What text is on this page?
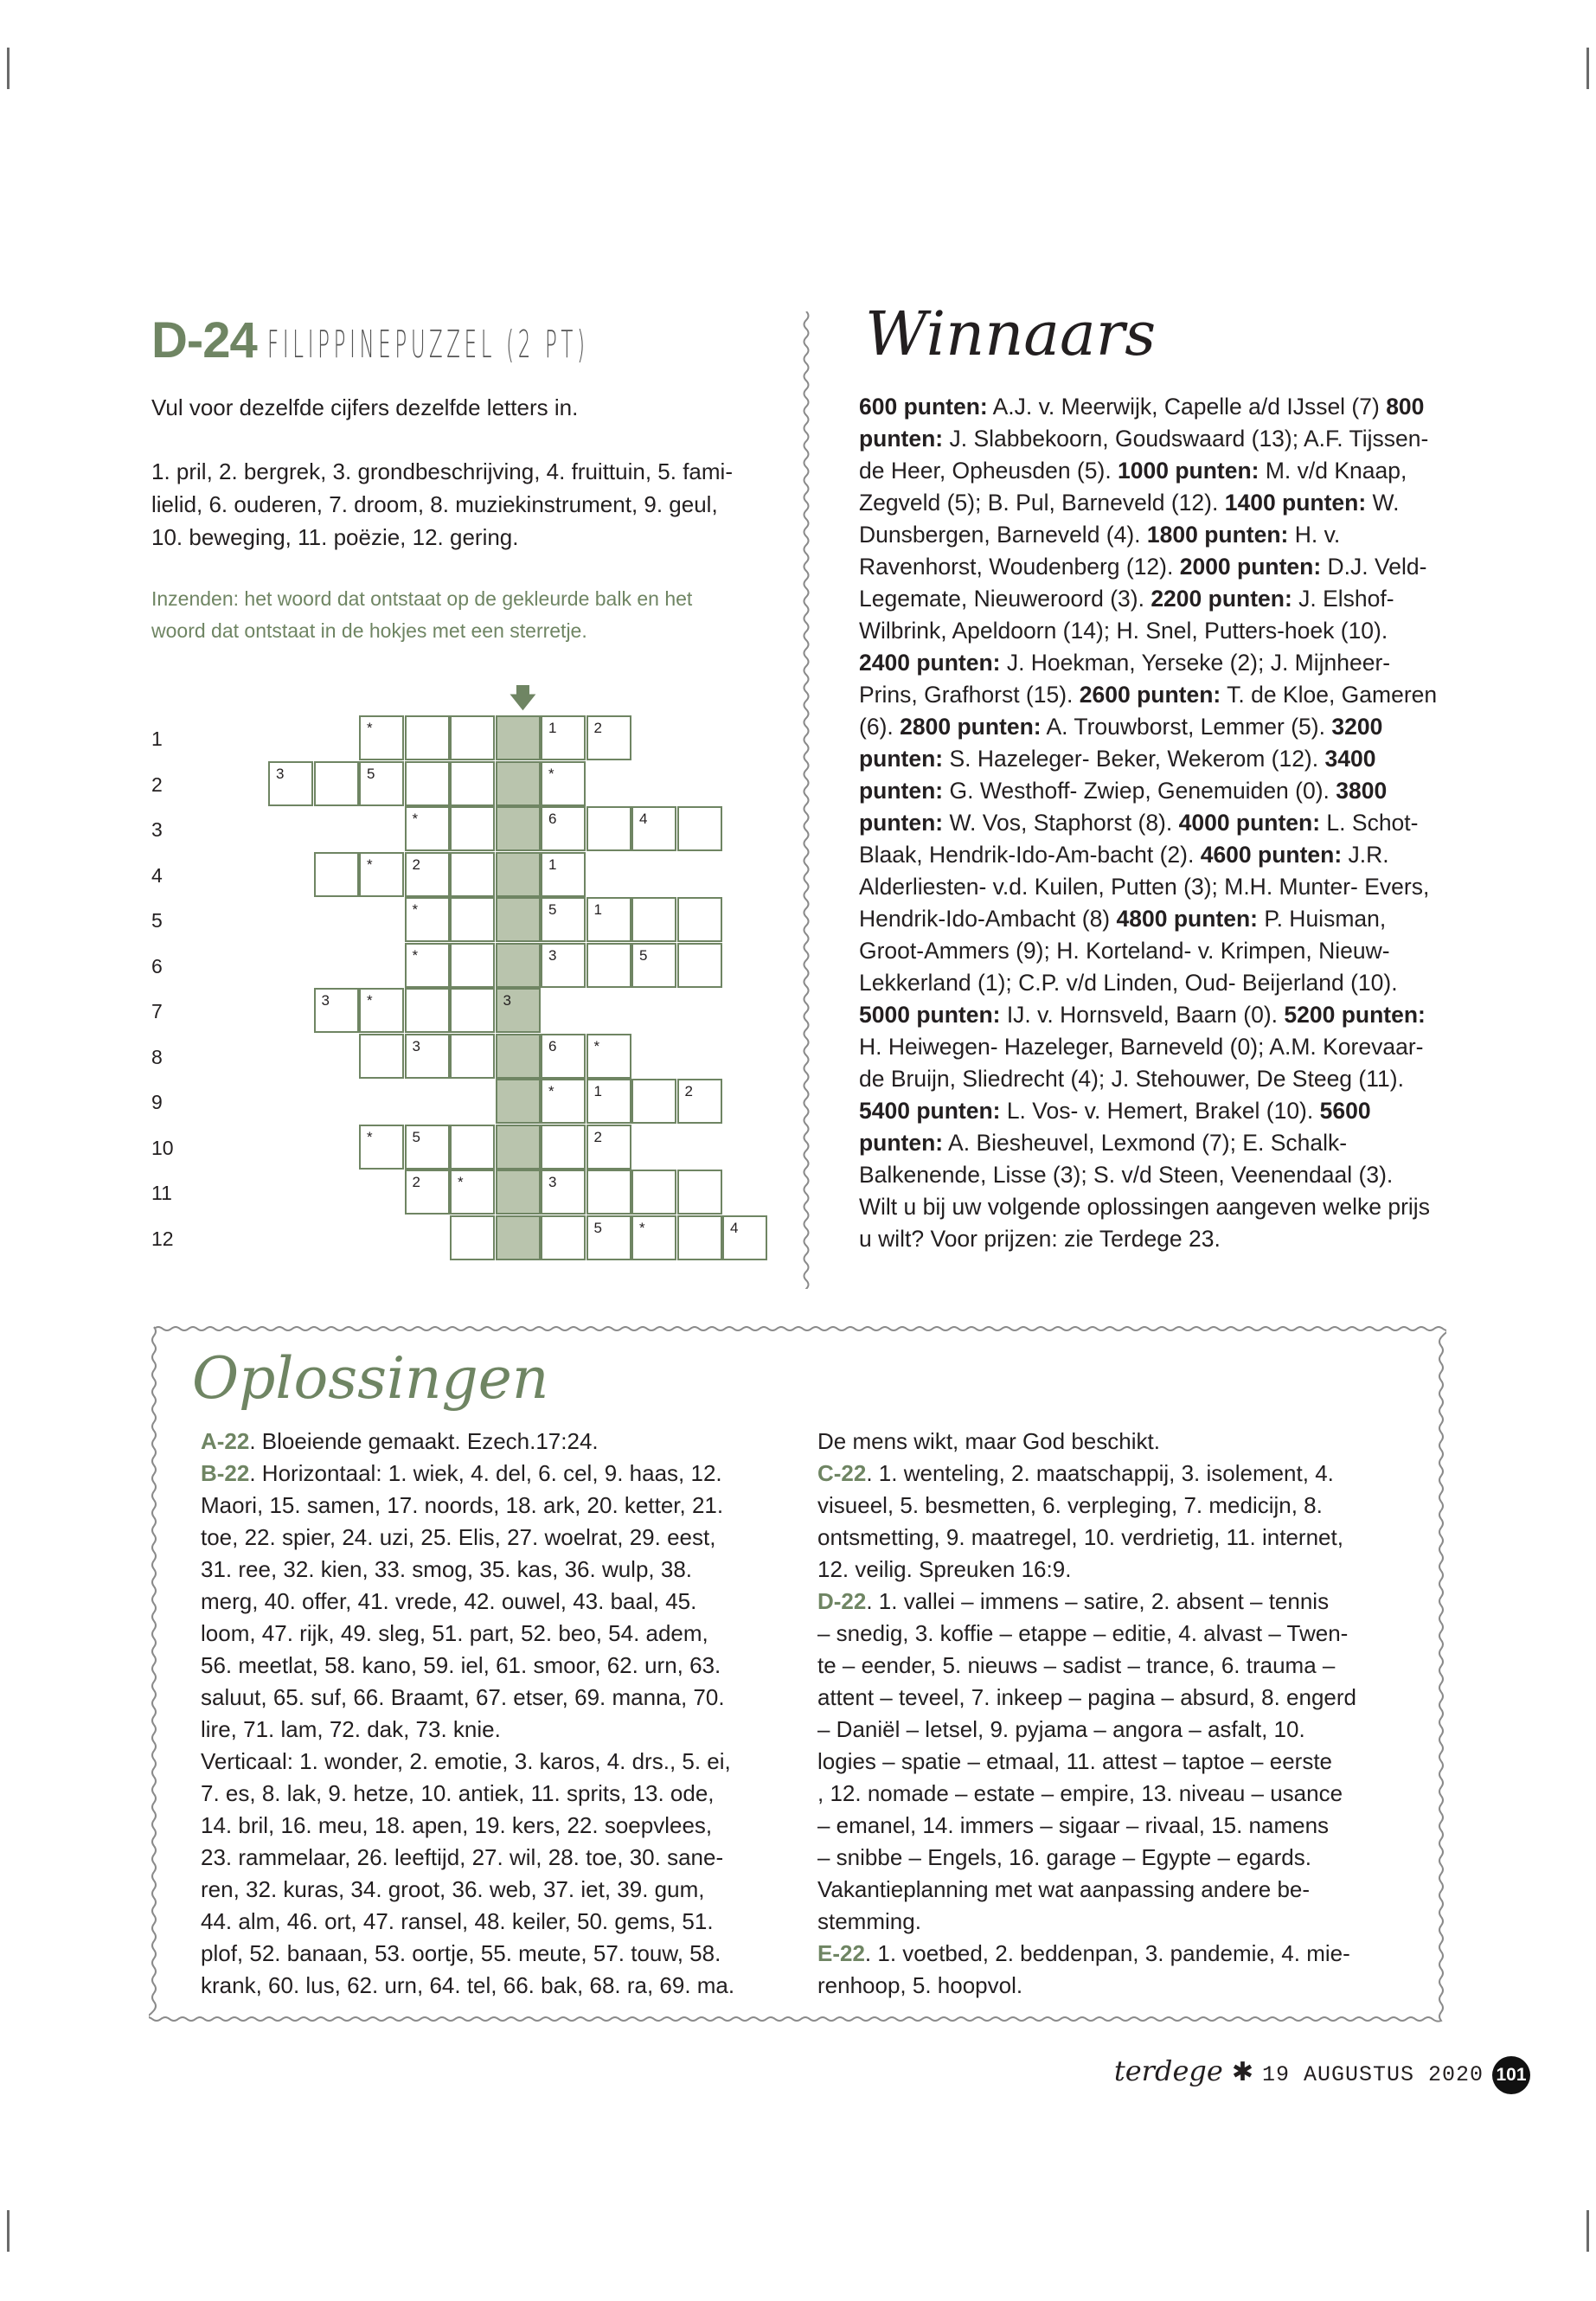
D-24 FILIPPINEPUZZEL (2 PT)
Vul voor dezelfde cijfers dezelfde letters in.
1. pril, 2. bergrek, 3. grondbeschrijving, 4. fruittuin, 5. fami-
lielid, 6. ouderen, 7. droom, 8. muziekinstrument, 9. geul,
10. beweging, 11. poëzie, 12. gering.
Inzenden: het woord dat ontstaat op de gekleurde balk en het
woord dat ontstaat in de hokjes met een sterretje.
🡇
1
2
3
4
5
6
7
8
9
10
11
12
*	1	2
3	5	*
*	6	4
*	2	1
*	5	1
*	3	5
3	*	3
3	6	*
*	1	2
*	5	2
2	*	3
5	*	4
Winnaars
600 punten: A.J. v. Meerwijk, Capelle a/d IJssel (7) 800 punten: J. Slabbekoorn, Goudswaard (13); A.F. Tijssen- de Heer, Opheusden (5). 1000 punten: M. v/d Knaap, Zegveld (5); B. Pul, Barneveld (12). 1400 punten: W. Dunsbergen, Barneveld (4). 1800 punten: H. v. Ravenhorst, Woudenberg (12). 2000 punten: D.J. Veld- Legemate, Nieuweroord (3). 2200 punten: J. Elshof- Wilbrink, Apeldoorn (14); H. Snel, Putters-hoek (10). 2400 punten: J. Hoekman, Yerseke (2); J. Mijnheer- Prins, Grafhorst (15). 2600 punten: T. de Kloe, Gameren (6). 2800 punten: A. Trouwborst, Lemmer (5). 3200 punten: S. Hazeleger- Beker, Wekerom (12). 3400 punten: G. Westhoff- Zwiep, Genemuiden (0). 3800 punten: W. Vos, Staphorst (8). 4000 punten: L. Schot- Blaak, Hendrik-Ido-Am-bacht (2). 4600 punten: J.R. Alderliesten- v.d. Kuilen, Putten (3); M.H. Munter- Evers, Hendrik-Ido-Ambacht (8) 4800 punten: P. Huisman, Groot-Ammers (9); H. Korteland- v. Krimpen, Nieuw-Lekkerland (1); C.P. v/d Linden, Oud- Beijerland (10). 5000 punten: IJ. v. Hornsveld, Baarn (0). 5200 punten: H. Heiwegen- Hazeleger, Barneveld (0); A.M. Korevaar- de Bruijn, Sliedrecht (4); J. Stehouwer, De Steeg (11). 5400 punten: L. Vos- v. Hemert, Brakel (10). 5600 punten: A. Biesheuvel, Lexmond (7); E. Schalk- Balkenende, Lisse (3); S. v/d Steen, Veenendaal (3).
Wilt u bij uw volgende oplossingen aangeven welke prijs u wilt? Voor prijzen: zie Terdege 23.
Oplossingen
A-22. Bloeiende gemaakt. Ezech.17:24.
B-22. Horizontaal: 1. wiek, 4. del, 6. cel, 9. haas, 12.
Maori, 15. samen, 17. noords, 18. ark, 20. ketter, 21.
toe, 22. spier, 24. uzi, 25. Elis, 27. woelrat, 29. eest,
31. ree, 32. kien, 33. smog, 35. kas, 36. wulp, 38.
merg, 40. offer, 41. vrede, 42. ouwel, 43. baal, 45.
loom, 47. rijk, 49. sleg, 51. part, 52. beo, 54. adem,
56. meetlat, 58. kano, 59. iel, 61. smoor, 62. urn, 63.
saluut, 65. suf, 66. Braamt, 67. etser, 69. manna, 70.
lire, 71. lam, 72. dak, 73. knie.
Verticaal: 1. wonder, 2. emotie, 3. karos, 4. drs., 5. ei,
7. es, 8. lak, 9. hetze, 10. antiek, 11. sprits, 13. ode,
14. bril, 16. meu, 18. apen, 19. kers, 22. soepvlees,
23. rammelaar, 26. leeftijd, 27. wil, 28. toe, 30. sane-
ren, 32. kuras, 34. groot, 36. web, 37. iet, 39. gum,
44. alm, 46. ort, 47. ransel, 48. keiler, 50. gems, 51.
plof, 52. banaan, 53. oortje, 55. meute, 57. touw, 58.
krank, 60. lus, 62. urn, 64. tel, 66. bak, 68. ra, 69. ma.
De mens wikt, maar God beschikt.
C-22. 1. wenteling, 2. maatschappij, 3. isolement, 4.
visueel, 5. besmetten, 6. verpleging, 7. medicijn, 8.
ontsmetting, 9. maatregel, 10. verdrietig, 11. internet,
12. veilig. Spreuken 16:9.
D-22. 1. vallei – immens – satire, 2. absent – tennis
– snedig, 3. koffie – etappe – editie, 4. alvast – Twen-
te – eender, 5. nieuws – sadist – trance, 6. trauma –
attent – teveel, 7. inkeep – pagina – absurd, 8. engerd
– Daniël – letsel, 9. pyjama – angora – asfalt, 10.
logies – spatie – etmaal, 11. attest – taptoe – eerste
, 12. nomade – estate – empire, 13. niveau – usance
– emanel, 14. immers – sigaar – rivaal, 15. namens
– snibbe – Engels, 16. garage – Egypte – egards.
Vakantieplanning met wat aanpassing andere be-
stemming.
E-22. 1. voetbed, 2. beddenpan, 3. pandemie, 4. mie-
renhoop, 5. hoopvol.
terdege ✱ 19 AUGUSTUS 2020 101
